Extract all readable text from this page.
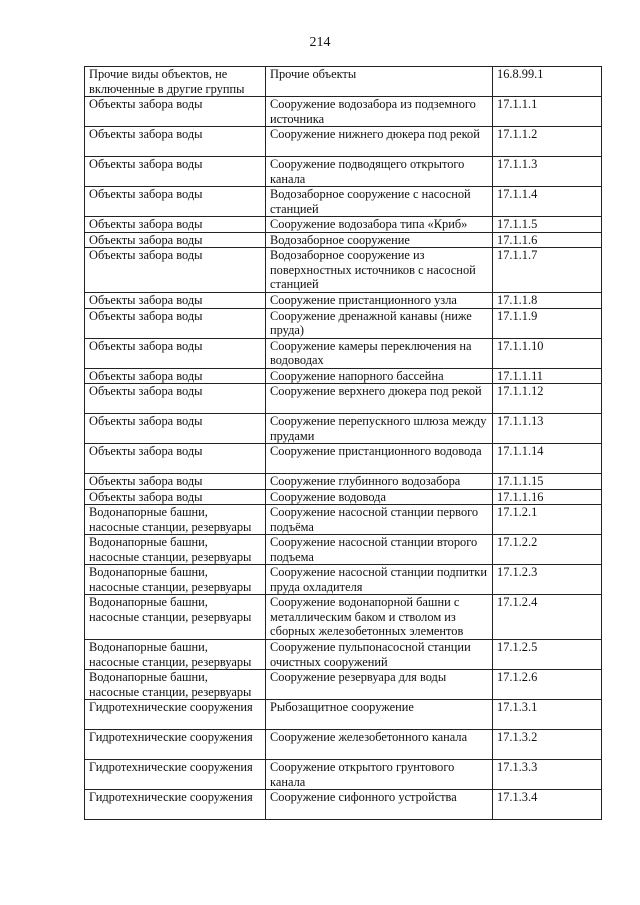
214
Прочие виды объектов, не включенные в другие группы	Прочие объекты	16.8.99.1
Объекты забора воды	Сооружение водозабора из подземного источника	17.1.1.1
Объекты забора воды	Сооружение нижнего дюкера под рекой	17.1.1.2
Объекты забора воды	Сооружение подводящего открытого канала	17.1.1.3
Объекты забора воды	Водозаборное сооружение с насосной станцией	17.1.1.4
Объекты забора воды	Сооружение водозабора типа «Криб»	17.1.1.5
Объекты забора воды	Водозаборное сооружение	17.1.1.6
Объекты забора воды	Водозаборное сооружение из поверхностных источников с насосной станцией	17.1.1.7
Объекты забора воды	Сооружение пристанционного узла	17.1.1.8
Объекты забора воды	Сооружение дренажной канавы (ниже пруда)	17.1.1.9
Объекты забора воды	Сооружение камеры переключения на водоводах	17.1.1.10
Объекты забора воды	Сооружение напорного бассейна	17.1.1.11
Объекты забора воды	Сооружение верхнего дюкера под рекой	17.1.1.12
Объекты забора воды	Сооружение перепускного шлюза между прудами	17.1.1.13
Объекты забора воды	Сооружение пристанционного водовода	17.1.1.14
Объекты забора воды	Сооружение глубинного водозабора	17.1.1.15
Объекты забора воды	Сооружение водовода	17.1.1.16
Водонапорные башни, насосные станции, резервуары	Сооружение насосной станции первого подъёма	17.1.2.1
Водонапорные башни, насосные станции, резервуары	Сооружение насосной станции второго подъема	17.1.2.2
Водонапорные башни, насосные станции, резервуары	Сооружение насосной станции подпитки пруда охладителя	17.1.2.3
Водонапорные башни, насосные станции, резервуары	Сооружение водонапорной башни с металлическим баком и стволом из сборных железобетонных элементов	17.1.2.4
Водонапорные башни, насосные станции, резервуары	Сооружение пульпонасосной станции очистных сооружений	17.1.2.5
Водонапорные башни, насосные станции, резервуары	Сооружение резервуара для воды	17.1.2.6
Гидротехнические сооружения	Рыбозащитное сооружение	17.1.3.1
Гидротехнические сооружения	Сооружение железобетонного канала	17.1.3.2
Гидротехнические сооружения	Сооружение открытого грунтового канала	17.1.3.3
Гидротехнические сооружения	Сооружение сифонного устройства	17.1.3.4
